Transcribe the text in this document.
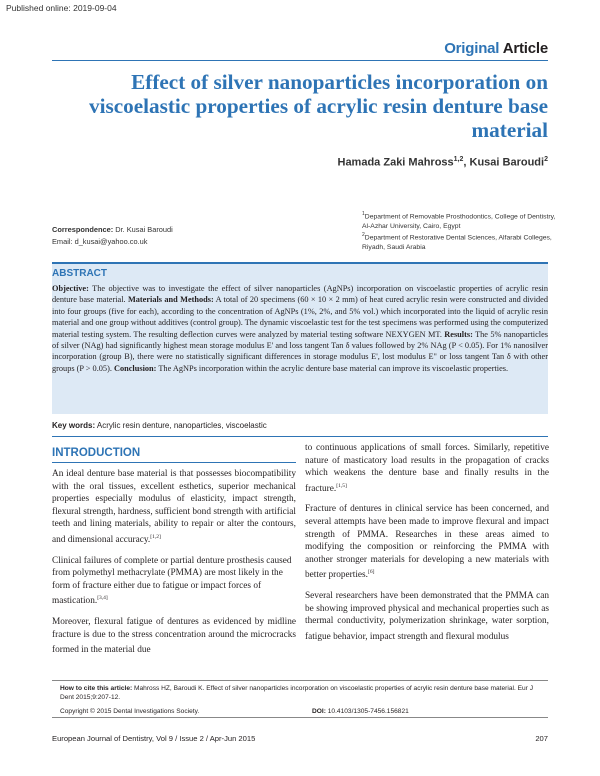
Published online: 2019-09-04
Original Article
Effect of silver nanoparticles incorporation on viscoelastic properties of acrylic resin denture base material
Hamada Zaki Mahross$^{1,2}$, Kusai Baroudi$^2$
Correspondence: Dr. Kusai Baroudi
Email: d_kusai@yahoo.co.uk
$^1$Department of Removable Prosthodontics, College of Dentistry, Al-Azhar University, Cairo, Egypt
$^2$Department of Restorative Dental Sciences, Alfarabi Colleges, Riyadh, Saudi Arabia
ABSTRACT
Objective: The objective was to investigate the effect of silver nanoparticles (AgNPs) incorporation on viscoelastic properties of acrylic resin denture base material. Materials and Methods: A total of 20 specimens (60 × 10 × 2 mm) of heat cured acrylic resin were constructed and divided into four groups (five for each), according to the concentration of AgNPs (1%, 2%, and 5% vol.) which incorporated into the liquid of acrylic resin material and one group without additives (control group). The dynamic viscoelastic test for the test specimens was performed using the computerized material testing system. The resulting deflection curves were analyzed by material testing software NEXYGEN MT. Results: The 5% nanoparticles of silver (NAg) had significantly highest mean storage modulus E' and loss tangent Tan δ values followed by 2% NAg (P < 0.05). For 1% nanosilver incorporation (group B), there were no statistically significant differences in storage modulus E', lost modulus E" or loss tangent Tan δ with other groups (P > 0.05). Conclusion: The AgNPs incorporation within the acrylic denture base material can improve its viscoelastic properties.
Key words: Acrylic resin denture, nanoparticles, viscoelastic
INTRODUCTION

An ideal denture base material is that possesses biocompatibility with the oral tissues, excellent esthetics, superior mechanical properties especially modulus of elasticity, impact strength, flexural strength, hardness, sufficient bond strength with artificial teeth and lining materials, ability to repair or alter the contours, and dimensional accuracy.[1,2]

Clinical failures of complete or partial denture prosthesis caused from polymethyl methacrylate (PMMA) are most likely in the form of fracture either due to fatigue or impact forces of mastication.[3,4]

Moreover, flexural fatigue of dentures as evidenced by midline fracture is due to the stress concentration around the microcracks formed in the material due

to continuous applications of small forces. Similarly, repetitive nature of masticatory load results in the propagation of cracks which weakens the denture base and finally results in the fracture.[1,5]

Fracture of dentures in clinical service has been concerned, and several attempts have been made to improve flexural and impact strength of PMMA. Researches in these areas aimed to modifying the composition or reinforcing the PMMA with another stronger materials for developing a new materials with better properties.[6]

Several researchers have been demonstrated that the PMMA can be showing improved physical and mechanical properties such as thermal conductivity, polymerization shrinkage, water sorption, fatigue behavior, impact strength and flexural modulus

How to cite this article: Mahross HZ, Baroudi K. Effect of silver nanoparticles incorporation on viscoelastic properties of acrylic resin denture base material. Eur J Dent 2015;9:207-12.
Copyright © 2015 Dental Investigations Society.	DOI: 10.4103/1305-7456.156821
European Journal of Dentistry, Vol 9 / Issue 2 / Apr-Jun 2015	207
